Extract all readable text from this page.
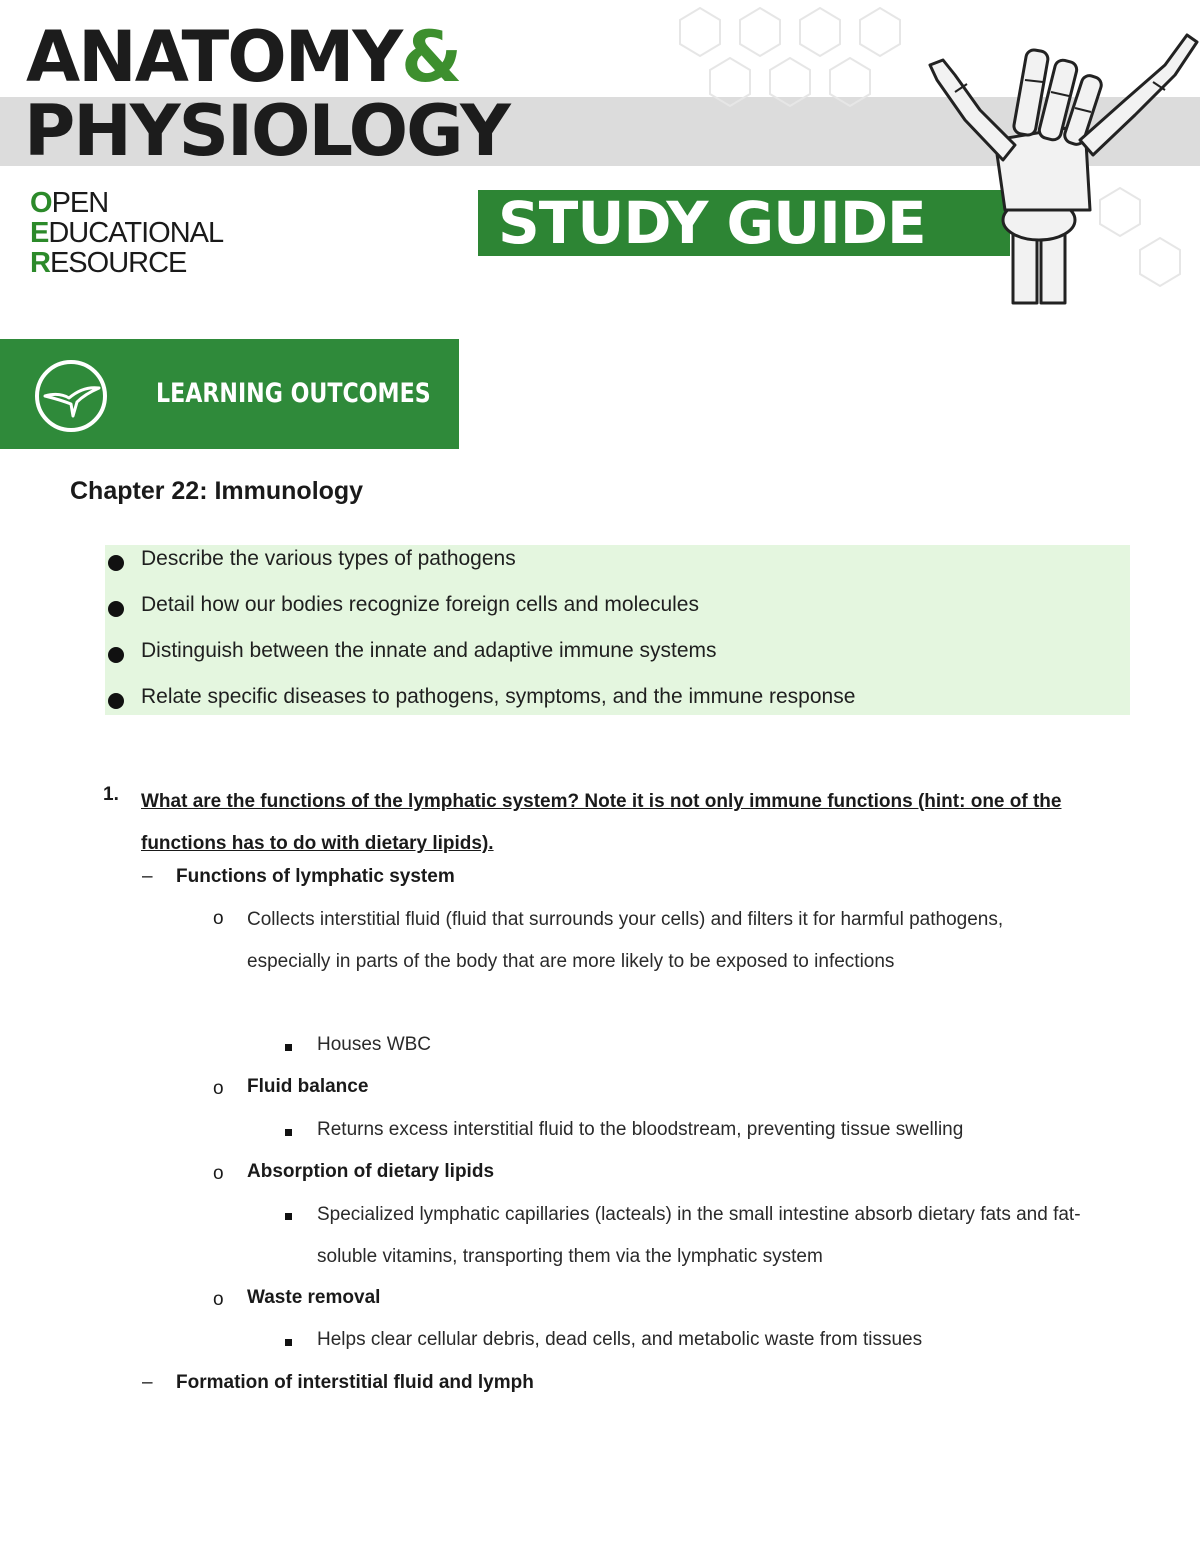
ANATOMY&
PHYSIOLOGY
OPEN
EDUCATIONAL
RESOURCE
STUDY GUIDE
LEARNING OUTCOMES
Chapter 22: Immunology
Describe the various types of pathogens
Detail how our bodies recognize foreign cells and molecules
Distinguish between the innate and adaptive immune systems
Relate specific diseases to pathogens, symptoms, and the immune response
1. What are the functions of the lymphatic system? Note it is not only immune functions (hint: one of the functions has to do with dietary lipids).
– Functions of lymphatic system
o Collects interstitial fluid (fluid that surrounds your cells) and filters it for harmful pathogens, especially in parts of the body that are more likely to be exposed to infections
Houses WBC
o Fluid balance
Returns excess interstitial fluid to the bloodstream, preventing tissue swelling
o Absorption of dietary lipids
Specialized lymphatic capillaries (lacteals) in the small intestine absorb dietary fats and fat-soluble vitamins, transporting them via the lymphatic system
o Waste removal
Helps clear cellular debris, dead cells, and metabolic waste from tissues
– Formation of interstitial fluid and lymph
